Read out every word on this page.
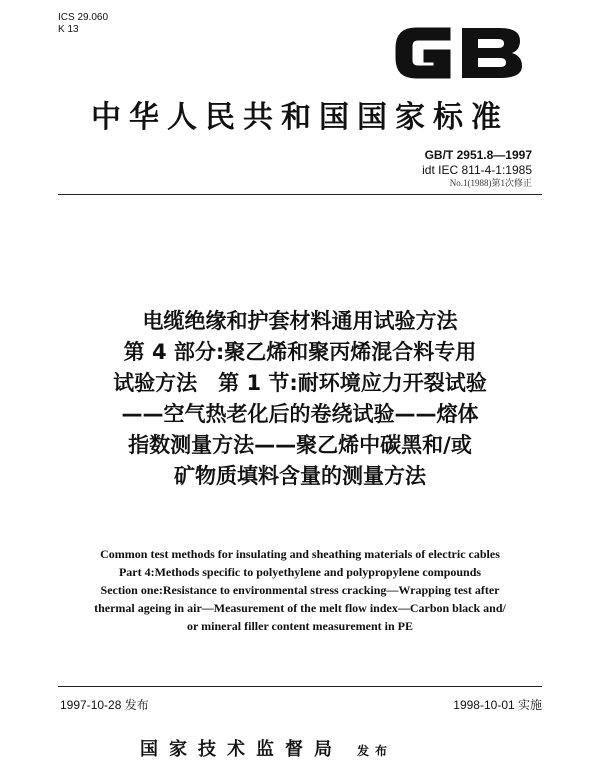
ICS 29.060
K 13
中华人民共和国国家标准
GB/T 2951.8—1997
idt IEC 811-4-1:1985
No.1(1988)第1次修正
电缆绝缘和护套材料通用试验方法
第 4 部分:聚乙烯和聚丙烯混合料专用
试验方法　第 1 节:耐环境应力开裂试验
——空气热老化后的卷绕试验——熔体
指数测量方法——聚乙烯中碳黑和/或
矿物质填料含量的测量方法
Common test methods for insulating and sheathing materials of electric cables
Part 4:Methods specific to polyethylene and polypropylene compounds
Section one:Resistance to environmental stress cracking—Wrapping test after
thermal ageing in air—Measurement of the melt flow index—Carbon black and/
or mineral filler content measurement in PE
1997-10-28 发布	1998-10-01 实施
国家技术监督局 发布
